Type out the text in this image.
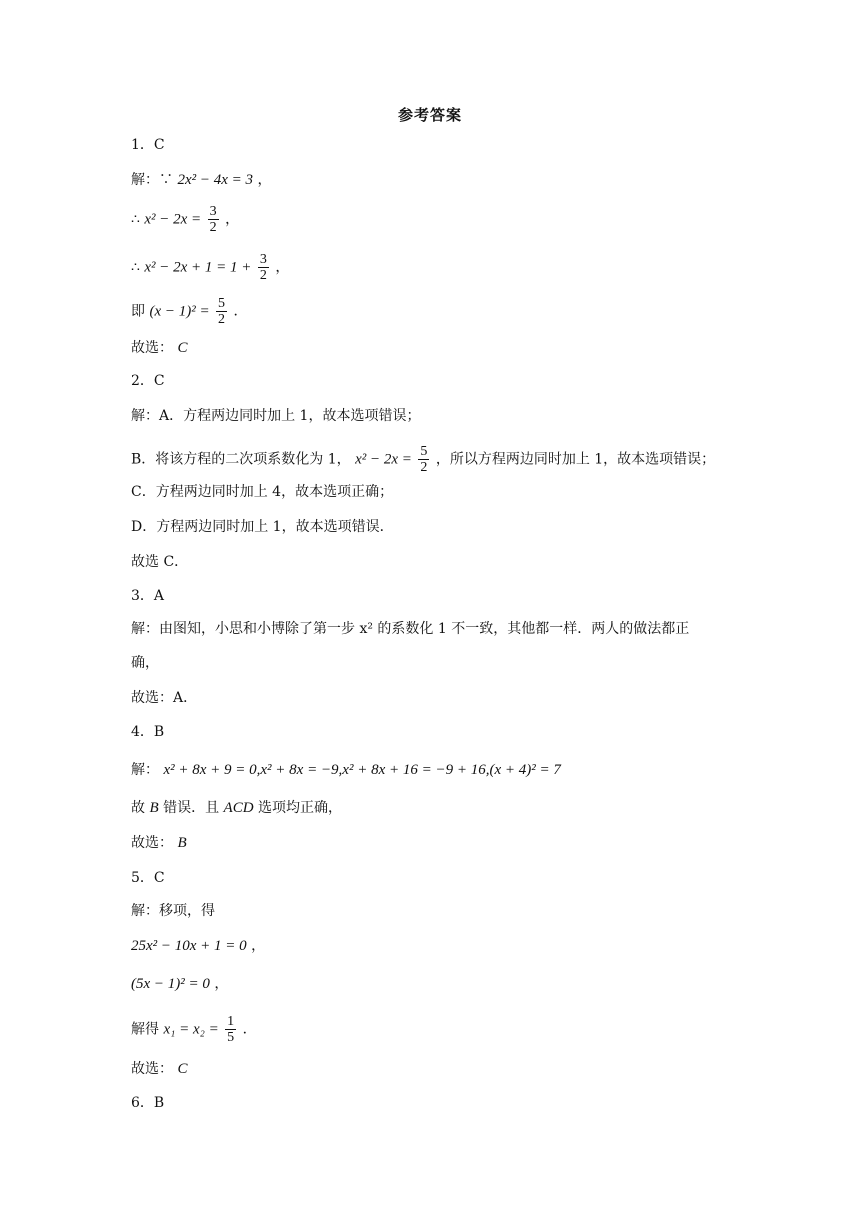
参考答案
1．C
解：∵ 2x² − 4x = 3 ，
∴ $x^2 - 2x = \frac{3}{2}$ ，
∴ $x^2 - 2x + 1 = 1 + \frac{3}{2}$ ，
即 $(x - 1)^2 = \frac{5}{2}$ ．
故选： C
2．C
解：A．方程两边同时加上 1，故本选项错误；
B．将该方程的二次项系数化为 1， $x^2 - 2x = \frac{5}{2}$ ，所以方程两边同时加上 1，故本选项错误；
C．方程两边同时加上 4，故本选项正确；
D．方程两边同时加上 1，故本选项错误．
故选 C．
3．A
解：由图知，小思和小博除了第一步 x² 的系数化 1 不一致，其他都一样．两人的做法都正
确，
故选：A．
4．B
解： x² + 8x + 9 = 0,x² + 8x = −9,x² + 8x + 16 = −9 + 16,(x + 4)² = 7
故 B 错误．且 ACD 选项均正确，
故选： B
5．C
解：移项，得
25x² − 10x + 1 = 0 ，
(5x − 1)² = 0 ，
解得 $x_1 = x_2 = \frac{1}{5}$ ．
故选： C
6．B
